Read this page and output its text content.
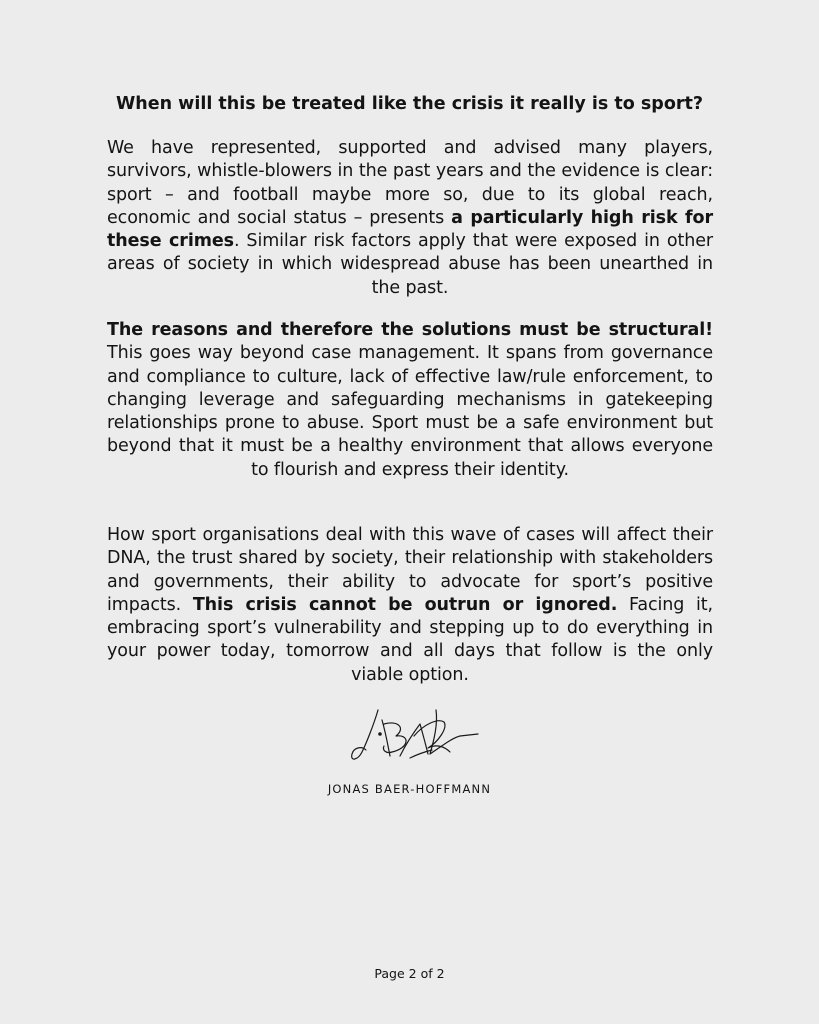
When will this be treated like the crisis it really is to sport?

We have represented, supported and advised many players, survivors, whistle-blowers in the past years and the evidence is clear: sport – and football maybe more so, due to its global reach, economic and social status – presents a particularly high risk for these crimes. Similar risk factors apply that were exposed in other areas of society in which widespread abuse has been unearthed in the past.

The reasons and therefore the solutions must be structural! This goes way beyond case management. It spans from governance and compliance to culture, lack of effective law/rule enforcement, to changing leverage and safeguarding mechanisms in gatekeeping relationships prone to abuse. Sport must be a safe environment but beyond that it must be a healthy environment that allows everyone to flourish and express their identity.

How sport organisations deal with this wave of cases will affect their DNA, the trust shared by society, their relationship with stakeholders and governments, their ability to advocate for sport’s positive impacts. This crisis cannot be outrun or ignored. Facing it, embracing sport’s vulnerability and stepping up to do everything in your power today, tomorrow and all days that follow is the only viable option.

JONAS BAER-HOFFMANN
Page 2 of 2
